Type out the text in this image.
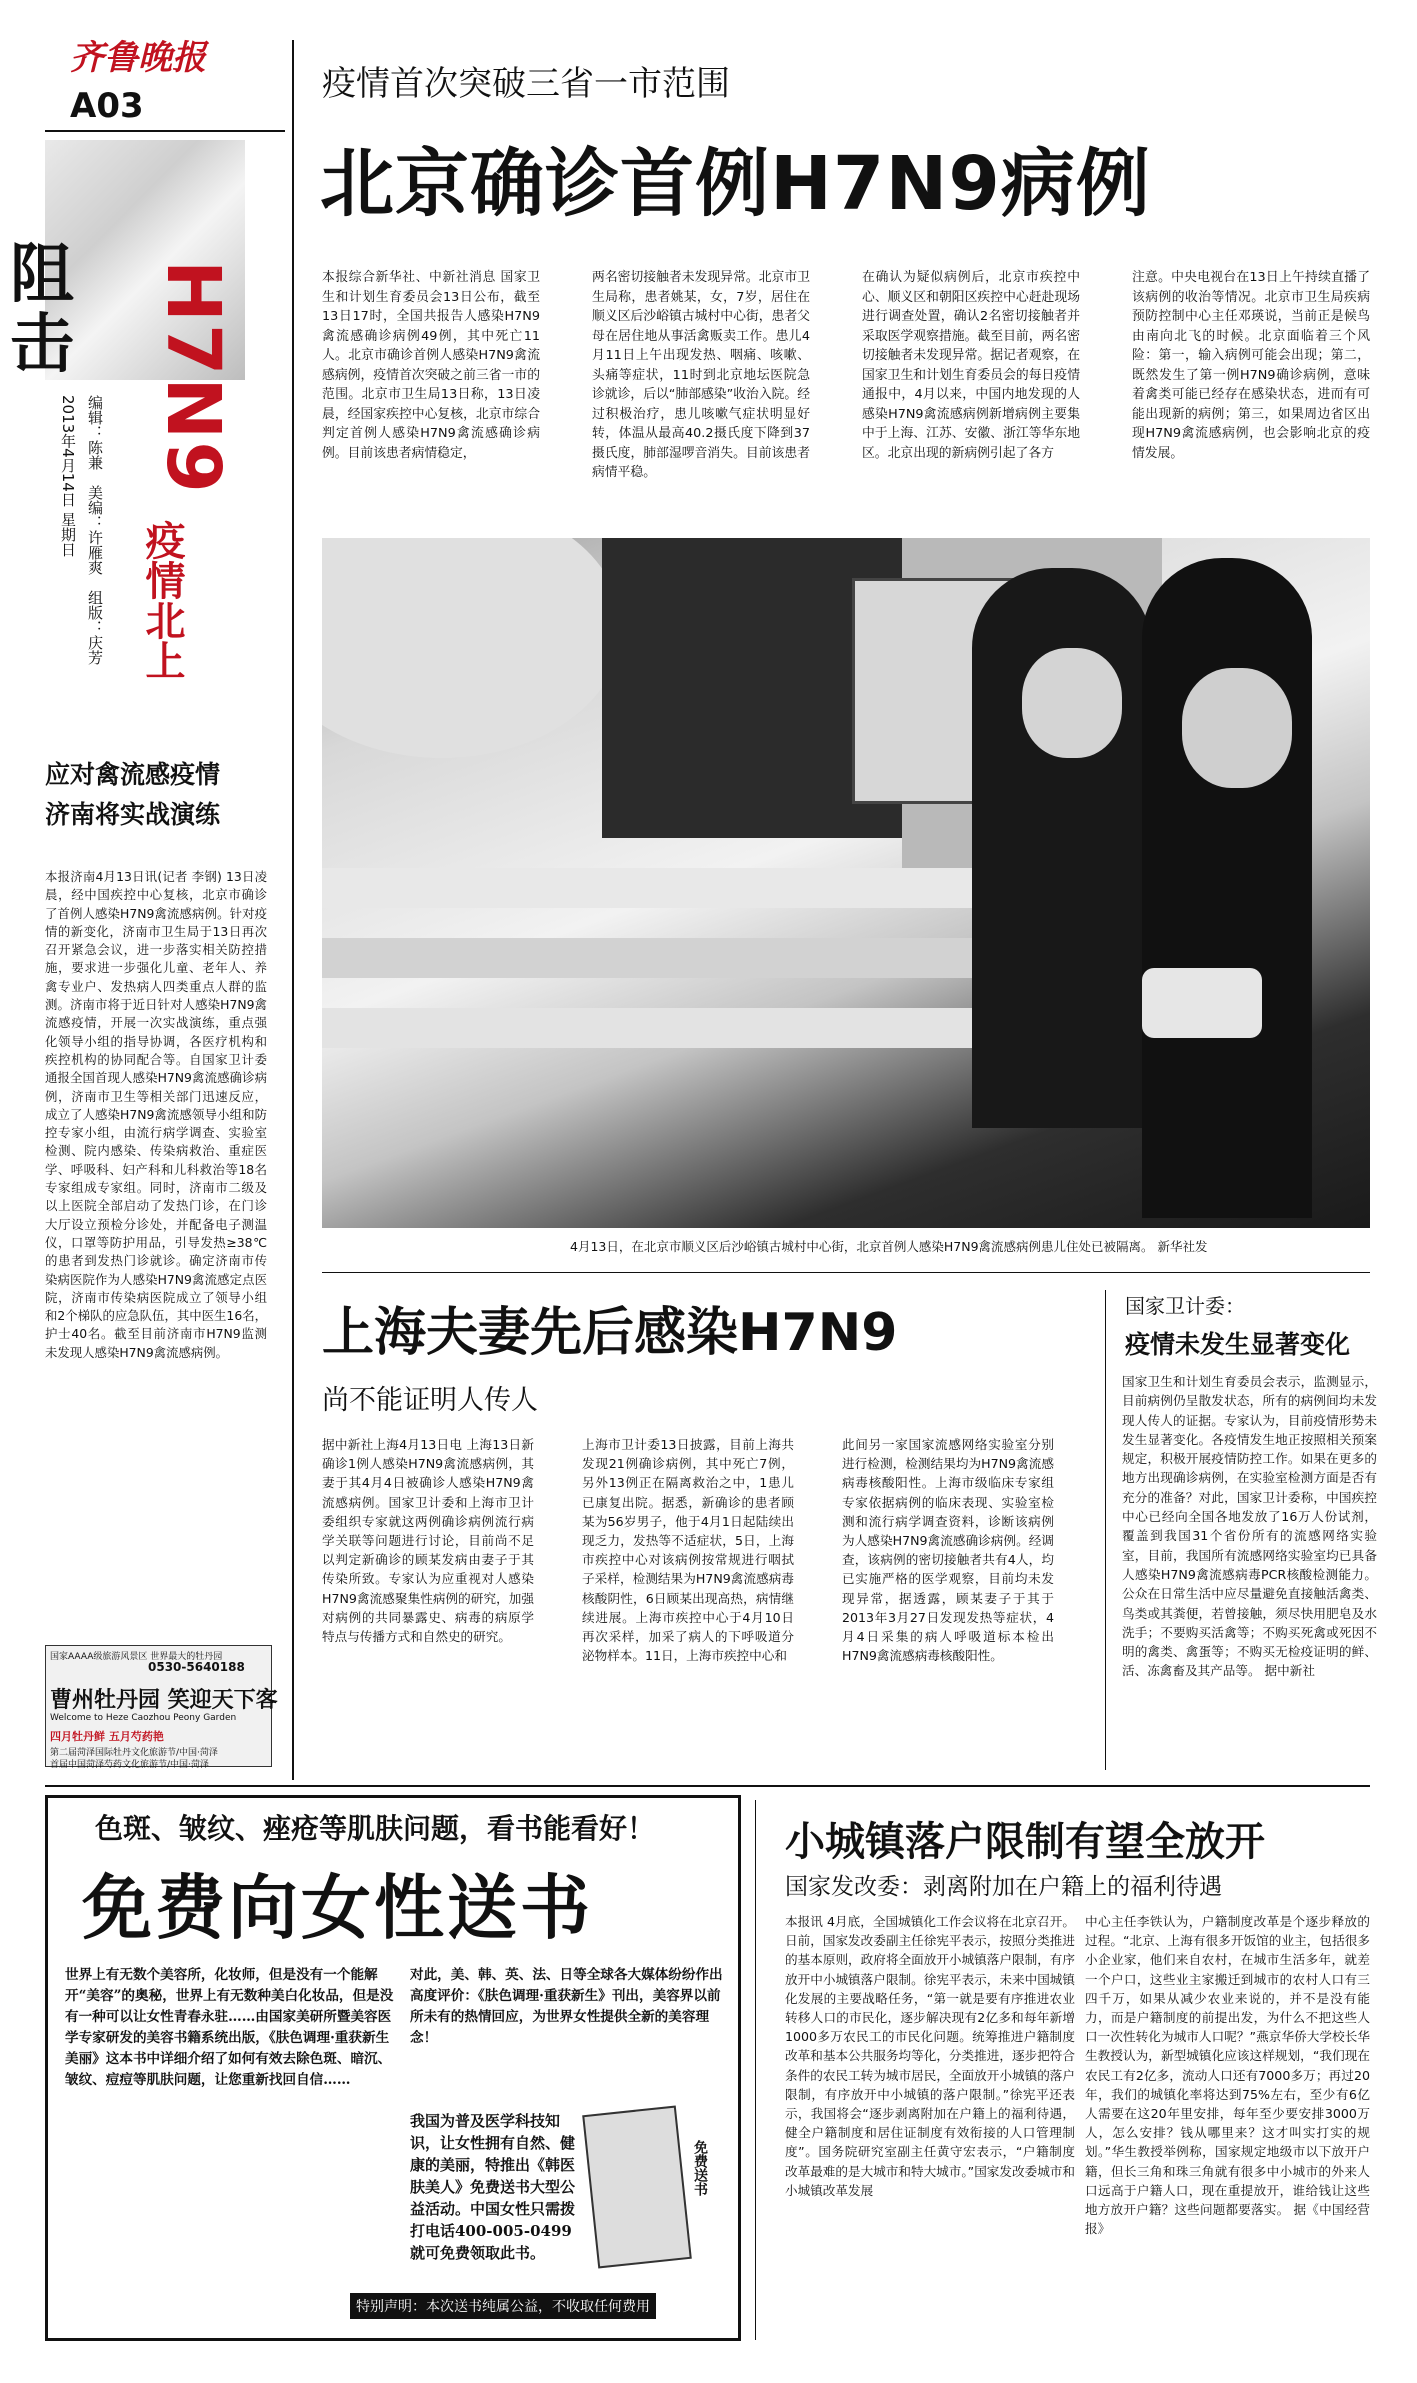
齐鲁晚报
A03
阻击 H7N9
疫情北上
2013年4月14日 星期日 编辑：陈兼　美编：许雁爽　组版：庆芳
应对禽流感疫情
济南将实战演练
本报济南4月13日讯(记者 李钢) 13日凌晨，经中国疾控中心复核，北京市确诊了首例人感染H7N9禽流感病例。针对疫情的新变化，济南市卫生局于13日再次召开紧急会议，进一步落实相关防控措施，要求进一步强化儿童、老年人、养禽专业户、发热病人四类重点人群的监测。济南市将于近日针对人感染H7N9禽流感疫情，开展一次实战演练，重点强化领导小组的指导协调，各医疗机构和疾控机构的协同配合等。自国家卫计委通报全国首现人感染H7N9禽流感确诊病例，济南市卫生等相关部门迅速反应，成立了人感染H7N9禽流感领导小组和防控专家小组，由流行病学调查、实验室检测、院内感染、传染病救治、重症医学、呼吸科、妇产科和儿科救治等18名专家组成专家组。同时，济南市二级及以上医院全部启动了发热门诊，在门诊大厅设立预检分诊处，并配备电子测温仪，口罩等防护用品，引导发热≥38℃的患者到发热门诊就诊。确定济南市传染病医院作为人感染H7N9禽流感定点医院，济南市传染病医院成立了领导小组和2个梯队的应急队伍，其中医生16名，护士40名。截至目前济南市H7N9监测未发现人感染H7N9禽流感病例。
国家AAAA级旅游风景区 世界最大的牡丹园
0530-5640188
曹州牡丹园 笑迎天下客
Welcome to Heze Caozhou Peony Garden
四月牡丹鲜 五月芍药艳
第二届菏泽国际牡丹文化旅游节/中国·菏泽
首届中国菏泽芍药文化旅游节/中国·菏泽
疫情首次突破三省一市范围
北京确诊首例H7N9病例
本报综合新华社、中新社消息 国家卫生和计划生育委员会13日公布，截至13日17时，全国共报告人感染H7N9禽流感确诊病例49例，其中死亡11人。北京市确诊首例人感染H7N9禽流感病例，疫情首次突破之前三省一市的范围。北京市卫生局13日称，13日凌晨，经国家疾控中心复核，北京市综合判定首例人感染H7N9禽流感确诊病例。目前该患者病情稳定，
两名密切接触者未发现异常。北京市卫生局称，患者姚某，女，7岁，居住在顺义区后沙峪镇古城村中心街，患者父母在居住地从事活禽贩卖工作。患儿4月11日上午出现发热、咽痛、咳嗽、头痛等症状，11时到北京地坛医院急诊就诊，后以“肺部感染”收治入院。经过积极治疗，患儿咳嗽气症状明显好转，体温从最高40.2摄氏度下降到37摄氏度，肺部湿啰音消失。目前该患者病情平稳。
在确认为疑似病例后，北京市疾控中心、顺义区和朝阳区疾控中心赶赴现场进行调查处置，确认2名密切接触者并采取医学观察措施。截至目前，两名密切接触者未发现异常。据记者观察，在国家卫生和计划生育委员会的每日疫情通报中，4月以来，中国内地发现的人感染H7N9禽流感病例新增病例主要集中于上海、江苏、安徽、浙江等华东地区。北京出现的新病例引起了各方
注意。中央电视台在13日上午持续直播了该病例的收治等情况。北京市卫生局疾病预防控制中心主任邓瑛说，当前正是候鸟由南向北飞的时候。北京面临着三个风险：第一，输入病例可能会出现；第二，既然发生了第一例H7N9确诊病例，意味着禽类可能已经存在感染状态，进而有可能出现新的病例；第三，如果周边省区出现H7N9禽流感病例，也会影响北京的疫情发展。
4月13日，在北京市顺义区后沙峪镇古城村中心街，北京首例人感染H7N9禽流感病例患儿住处已被隔离。 新华社发
上海夫妻先后感染H7N9
尚不能证明人传人
据中新社上海4月13日电 上海13日新确诊1例人感染H7N9禽流感病例，其妻于其4月4日被确诊人感染H7N9禽流感病例。国家卫计委和上海市卫计委组织专家就这两例确诊病例流行病学关联等问题进行讨论，目前尚不足以判定新确诊的顾某发病由妻子于其传染所致。专家认为应重视对人感染H7N9禽流感聚集性病例的研究，加强对病例的共同暴露史、病毒的病原学特点与传播方式和自然史的研究。
上海市卫计委13日披露，目前上海共发现21例确诊病例，其中死亡7例，另外13例正在隔离救治之中，1患儿已康复出院。据悉，新确诊的患者顾某为56岁男子，他于4月1日起陆续出现乏力，发热等不适症状，5日，上海市疾控中心对该病例按常规进行咽拭子采样，检测结果为H7N9禽流感病毒核酸阴性，6日顾某出现高热，病情继续进展。上海市疾控中心于4月10日再次采样，加采了病人的下呼吸道分泌物样本。11日，上海市疾控中心和
此间另一家国家流感网络实验室分别进行检测，检测结果均为H7N9禽流感病毒核酸阳性。上海市级临床专家组专家依据病例的临床表现、实验室检测和流行病学调查资料，诊断该病例为人感染H7N9禽流感确诊病例。经调查，该病例的密切接触者共有4人，均已实施严格的医学观察，目前均未发现异常，据透露，顾某妻子于其于2013年3月27日发现发热等症状，4月4日采集的病人呼吸道标本检出H7N9禽流感病毒核酸阳性。
国家卫计委：
疫情未发生显著变化
国家卫生和计划生育委员会表示，监测显示，目前病例仍呈散发状态，所有的病例间均未发现人传人的证据。专家认为，目前疫情形势未发生显著变化。各疫情发生地正按照相关预案规定，积极开展疫情防控工作。如果在更多的地方出现确诊病例，在实验室检测方面是否有充分的准备？对此，国家卫计委称，中国疾控中心已经向全国各地发放了16万人份试剂，覆盖到我国31个省份所有的流感网络实验室，目前，我国所有流感网络实验室均已具备人感染H7N9禽流感病毒PCR核酸检测能力。公众在日常生活中应尽量避免直接触活禽类、鸟类或其粪便，若曾接触，须尽快用肥皂及水洗手；不要购买活禽等；不购买死禽或死因不明的禽类、禽蛋等；不购买无检疫证明的鲜、活、冻禽畜及其产品等。 据中新社
色斑、皱纹、痤疮等肌肤问题，看书能看好！
免费向女性送书
世界上有无数个美容所，化妆师，但是没有一个能解开“美容”的奥秘，世界上有无数种美白化妆品，但是没有一种可以让女性青春永驻……由国家美研所暨美容医学专家研发的美容书籍系统出版，《肤色调理·重获新生美丽》这本书中详细介绍了如何有效去除色斑、暗沉、皱纹、痘痘等肌肤问题，让您重新找回自信……
对此，美、韩、英、法、日等全球各大媒体纷纷作出高度评价：《肤色调理·重获新生》刊出，美容界以前所未有的热情回应，为世界女性提供全新的美容理念！
我国为普及医学科技知识，让女性拥有自然、健康的美丽，特推出《韩医肤美人》免费送书大型公益活动。中国女性只需拨打电话400-005-0499就可免费领取此书。
免费送书
特别声明：本次送书纯属公益，不收取任何费用
小城镇落户限制有望全放开
国家发改委：剥离附加在户籍上的福利待遇
本报讯 4月底，全国城镇化工作会议将在北京召开。日前，国家发改委副主任徐宪平表示，按照分类推进的基本原则，政府将全面放开小城镇落户限制，有序放开中小城镇落户限制。徐宪平表示，未来中国城镇化发展的主要战略任务，“第一就是要有序推进农业转移人口的市民化，逐步解决现有2亿多和每年新增1000多万农民工的市民化问题。统筹推进户籍制度改革和基本公共服务均等化，分类推进，逐步把符合条件的农民工转为城市居民，全面放开小城镇的落户限制，有序放开中小城镇的落户限制。”徐宪平还表示，我国将会“逐步剥离附加在户籍上的福利待遇，健全户籍制度和居住证制度有效衔接的人口管理制度”。国务院研究室副主任黄守宏表示，“户籍制度改革最难的是大城市和特大城市。”国家发改委城市和小城镇改革发展
中心主任李铁认为，户籍制度改革是个逐步释放的过程。“北京、上海有很多开饭馆的业主，包括很多小企业家，他们来自农村，在城市生活多年，就差一个户口，这些业主家搬迁到城市的农村人口有三四千万，如果从减少农业来说的，并不是没有能力，而是户籍制度的前提出发，为什么不把这些人口一次性转化为城市人口呢？”燕京华侨大学校长华生教授认为，新型城镇化应该这样规划，“我们现在农民工有2亿多，流动人口还有7000多万；再过20年，我们的城镇化率将达到75%左右，至少有6亿人需要在这20年里安排，每年至少要安排3000万人，怎么安排？钱从哪里来？这才叫实打实的规划。”华生教授举例称，国家规定地级市以下放开户籍，但长三角和珠三角就有很多中小城市的外来人口远高于户籍人口，现在重提放开，谁给钱让这些地方放开户籍？这些问题都要落实。 据《中国经营报》
